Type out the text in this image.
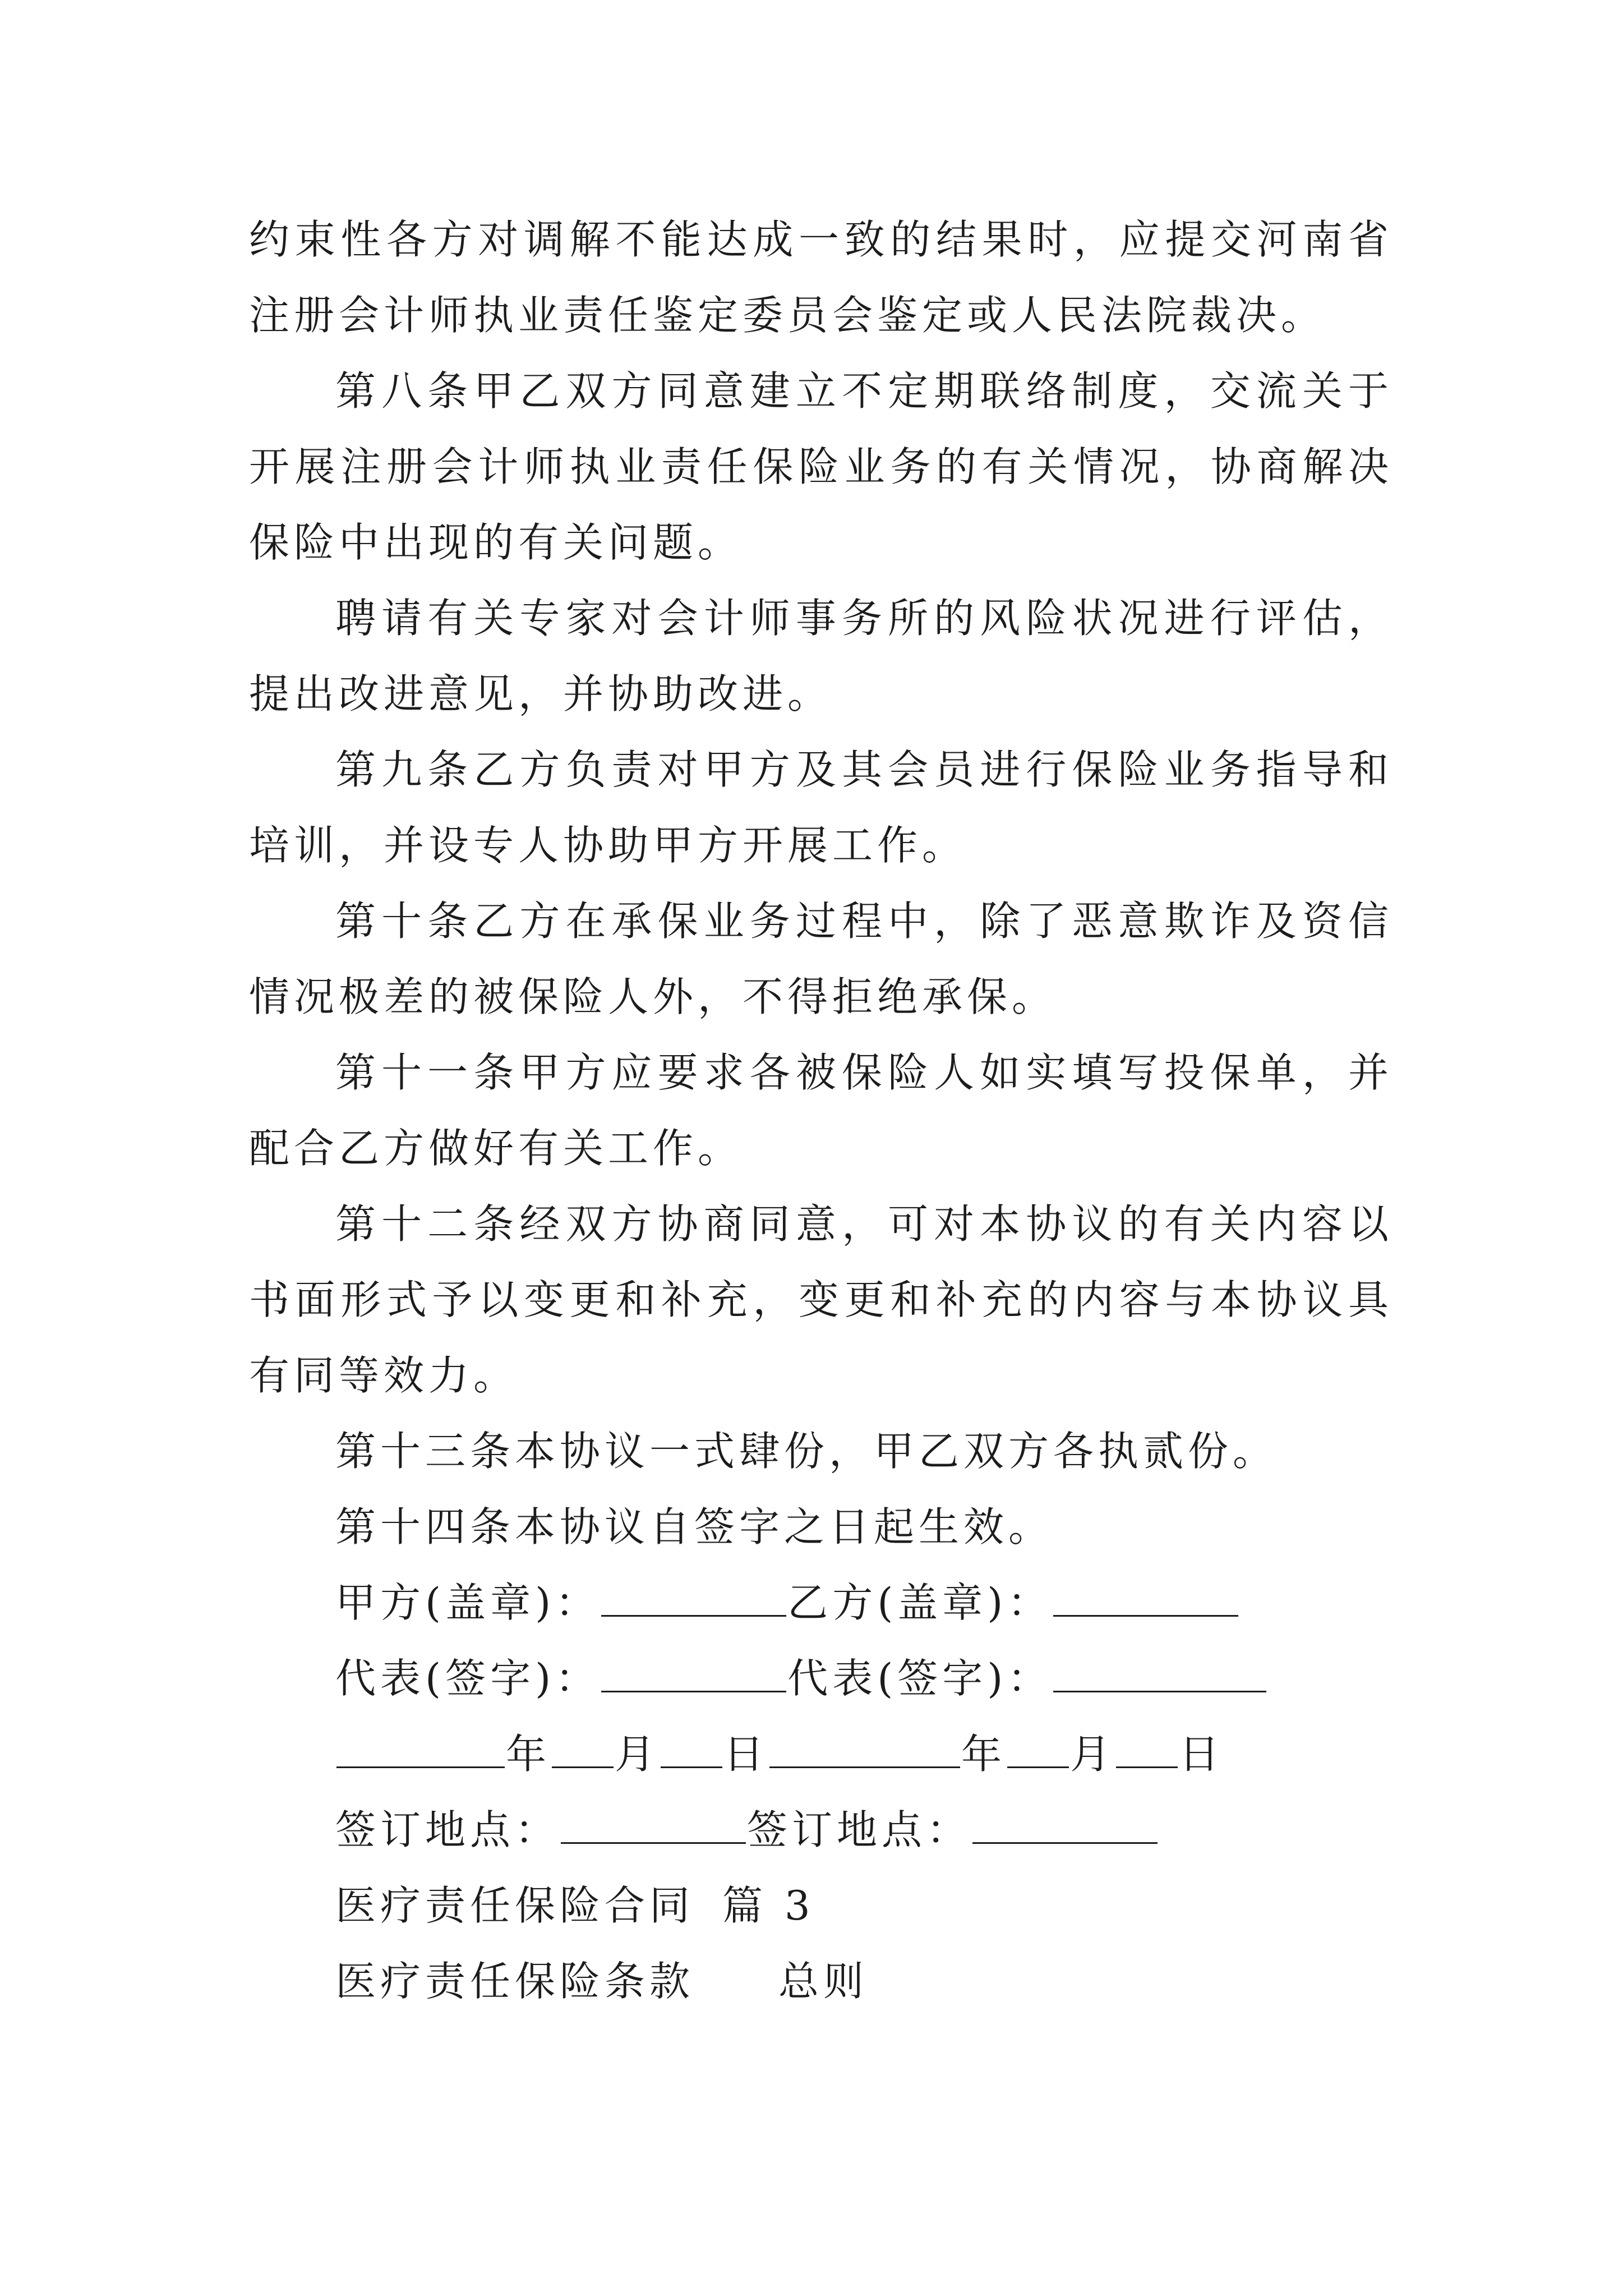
约束性各方对调解不能达成一致的结果时，应提交河南省注册会计师执业责任鉴定委员会鉴定或人民法院裁决。

第八条甲乙双方同意建立不定期联络制度，交流关于开展注册会计师执业责任保险业务的有关情况，协商解决保险中出现的有关问题。

聘请有关专家对会计师事务所的风险状况进行评估，提出改进意见，并协助改进。

第九条乙方负责对甲方及其会员进行保险业务指导和培训，并设专人协助甲方开展工作。

第十条乙方在承保业务过程中，除了恶意欺诈及资信情况极差的被保险人外，不得拒绝承保。

第十一条甲方应要求各被保险人如实填写投保单，并配合乙方做好有关工作。

第十二条经双方协商同意，可对本协议的有关内容以书面形式予以变更和补充，变更和补充的内容与本协议具有同等效力。

第十三条本协议一式肆份，甲乙双方各执贰份。

第十四条本协议自签字之日起生效。

甲方(盖章)：	乙方(盖章)：

代表(签字)：	代表(签字)：

年 月 日	年 月 日

签订地点：	签订地点：

医疗责任保险合同 篇 3

医疗责任保险条款 总则
